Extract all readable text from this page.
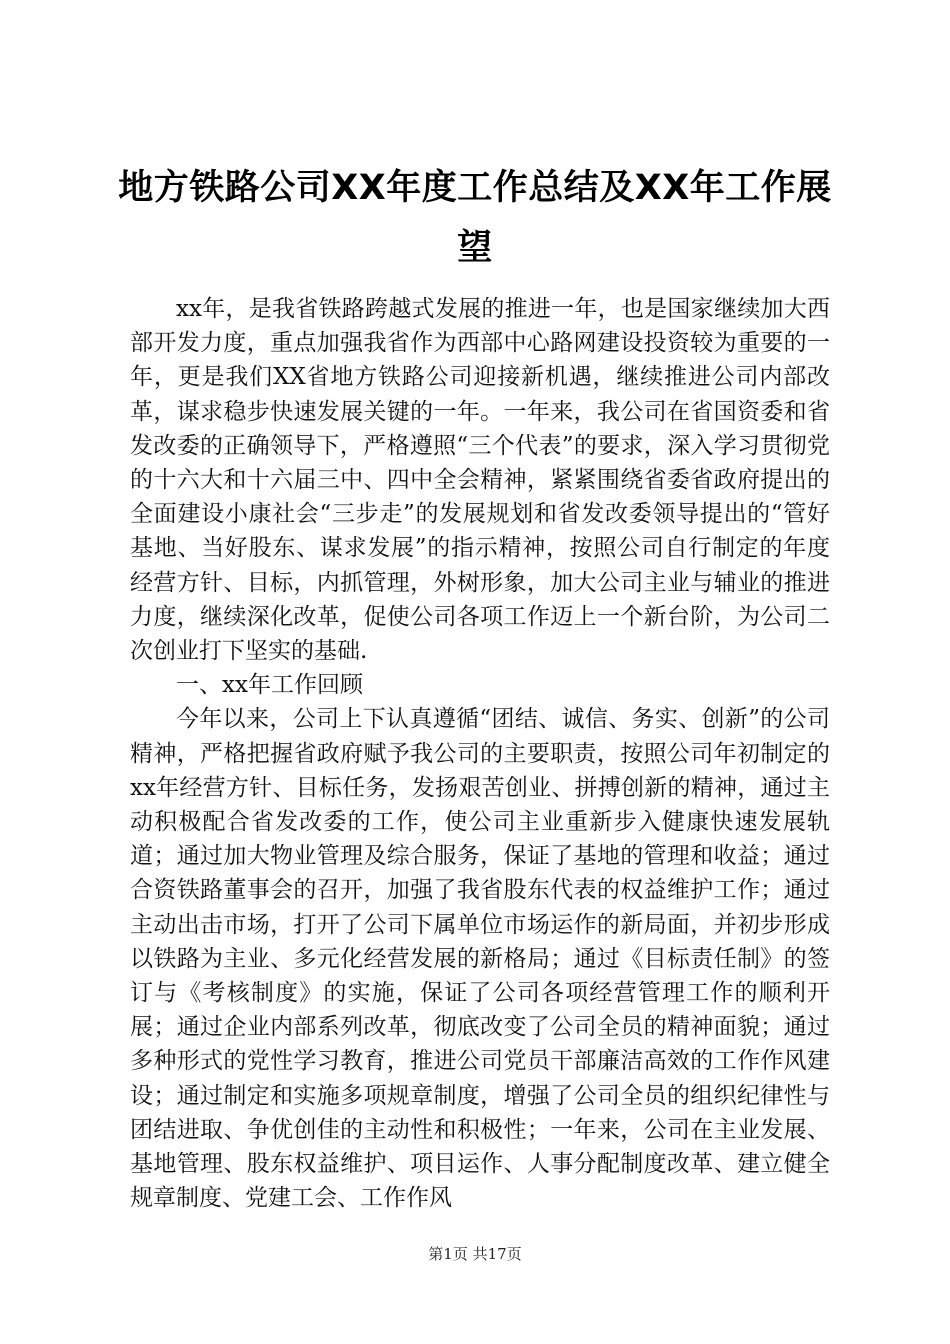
地方铁路公司XX年度工作总结及XX年工作展望

xx年，是我省铁路跨越式发展的推进一年，也是国家继续加大西部开发力度，重点加强我省作为西部中心路网建设投资较为重要的一年，更是我们XX省地方铁路公司迎接新机遇，继续推进公司内部改革，谋求稳步快速发展关键的一年。一年来，我公司在省国资委和省发改委的正确领导下，严格遵照“三个代表”的要求，深入学习贯彻党的十六大和十六届三中、四中全会精神，紧紧围绕省委省政府提出的全面建设小康社会“三步走”的发展规划和省发改委领导提出的“管好基地、当好股东、谋求发展”的指示精神，按照公司自行制定的年度经营方针、目标，内抓管理，外树形象，加大公司主业与辅业的推进力度，继续深化改革，促使公司各项工作迈上一个新台阶，为公司二次创业打下坚实的基础.

一、xx年工作回顾

今年以来，公司上下认真遵循“团结、诚信、务实、创新”的公司精神，严格把握省政府赋予我公司的主要职责，按照公司年初制定的xx年经营方针、目标任务，发扬艰苦创业、拼搏创新的精神，通过主动积极配合省发改委的工作，使公司主业重新步入健康快速发展轨道；通过加大物业管理及综合服务，保证了基地的管理和收益；通过合资铁路董事会的召开，加强了我省股东代表的权益维护工作；通过主动出击市场，打开了公司下属单位市场运作的新局面，并初步形成以铁路为主业、多元化经营发展的新格局；通过《目标责任制》的签订与《考核制度》的实施，保证了公司各项经营管理工作的顺利开展；通过企业内部系列改革，彻底改变了公司全员的精神面貌；通过多种形式的党性学习教育，推进公司党员干部廉洁高效的工作作风建设；通过制定和实施多项规章制度，增强了公司全员的组织纪律性与团结进取、争优创佳的主动性和积极性；一年来，公司在主业发展、基地管理、股东权益维护、项目运作、人事分配制度改革、建立健全规章制度、党建工会、工作作风

第1页 共17页
